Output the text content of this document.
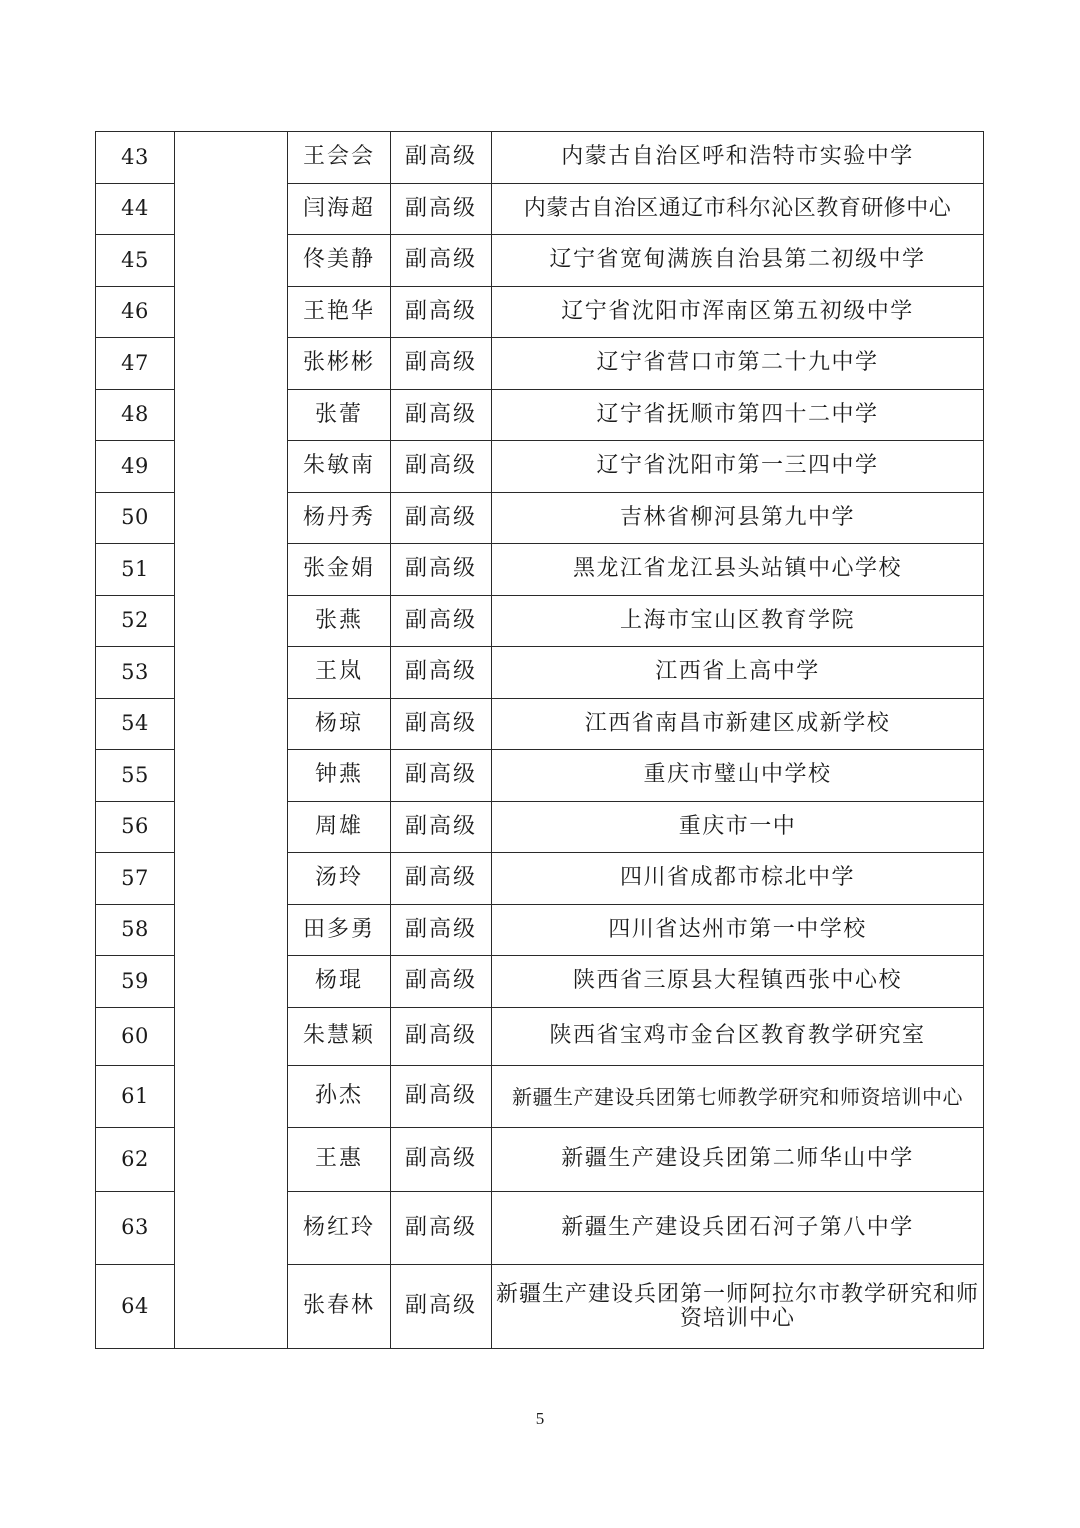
43		王会会	副高级	内蒙古自治区呼和浩特市实验中学
44		闫海超	副高级	内蒙古自治区通辽市科尔沁区教育研修中心
45		佟美静	副高级	辽宁省宽甸满族自治县第二初级中学
46		王艳华	副高级	辽宁省沈阳市浑南区第五初级中学
47		张彬彬	副高级	辽宁省营口市第二十九中学
48		张蕾	副高级	辽宁省抚顺市第四十二中学
49		朱敏南	副高级	辽宁省沈阳市第一三四中学
50		杨丹秀	副高级	吉林省柳河县第九中学
51		张金娟	副高级	黑龙江省龙江县头站镇中心学校
52		张燕	副高级	上海市宝山区教育学院
53		王岚	副高级	江西省上高中学
54		杨琼	副高级	江西省南昌市新建区成新学校
55		钟燕	副高级	重庆市璧山中学校
56		周雄	副高级	重庆市一中
57		汤玲	副高级	四川省成都市棕北中学
58		田多勇	副高级	四川省达州市第一中学校
59		杨琨	副高级	陕西省三原县大程镇西张中心校
60		朱慧颖	副高级	陕西省宝鸡市金台区教育教学研究室
61		孙杰	副高级	新疆生产建设兵团第七师教学研究和师资培训中心
62		王惠	副高级	新疆生产建设兵团第二师华山中学
63		杨红玲	副高级	新疆生产建设兵团石河子第八中学
64		张春林	副高级	新疆生产建设兵团第一师阿拉尔市教学研究和师资培训中心
5
